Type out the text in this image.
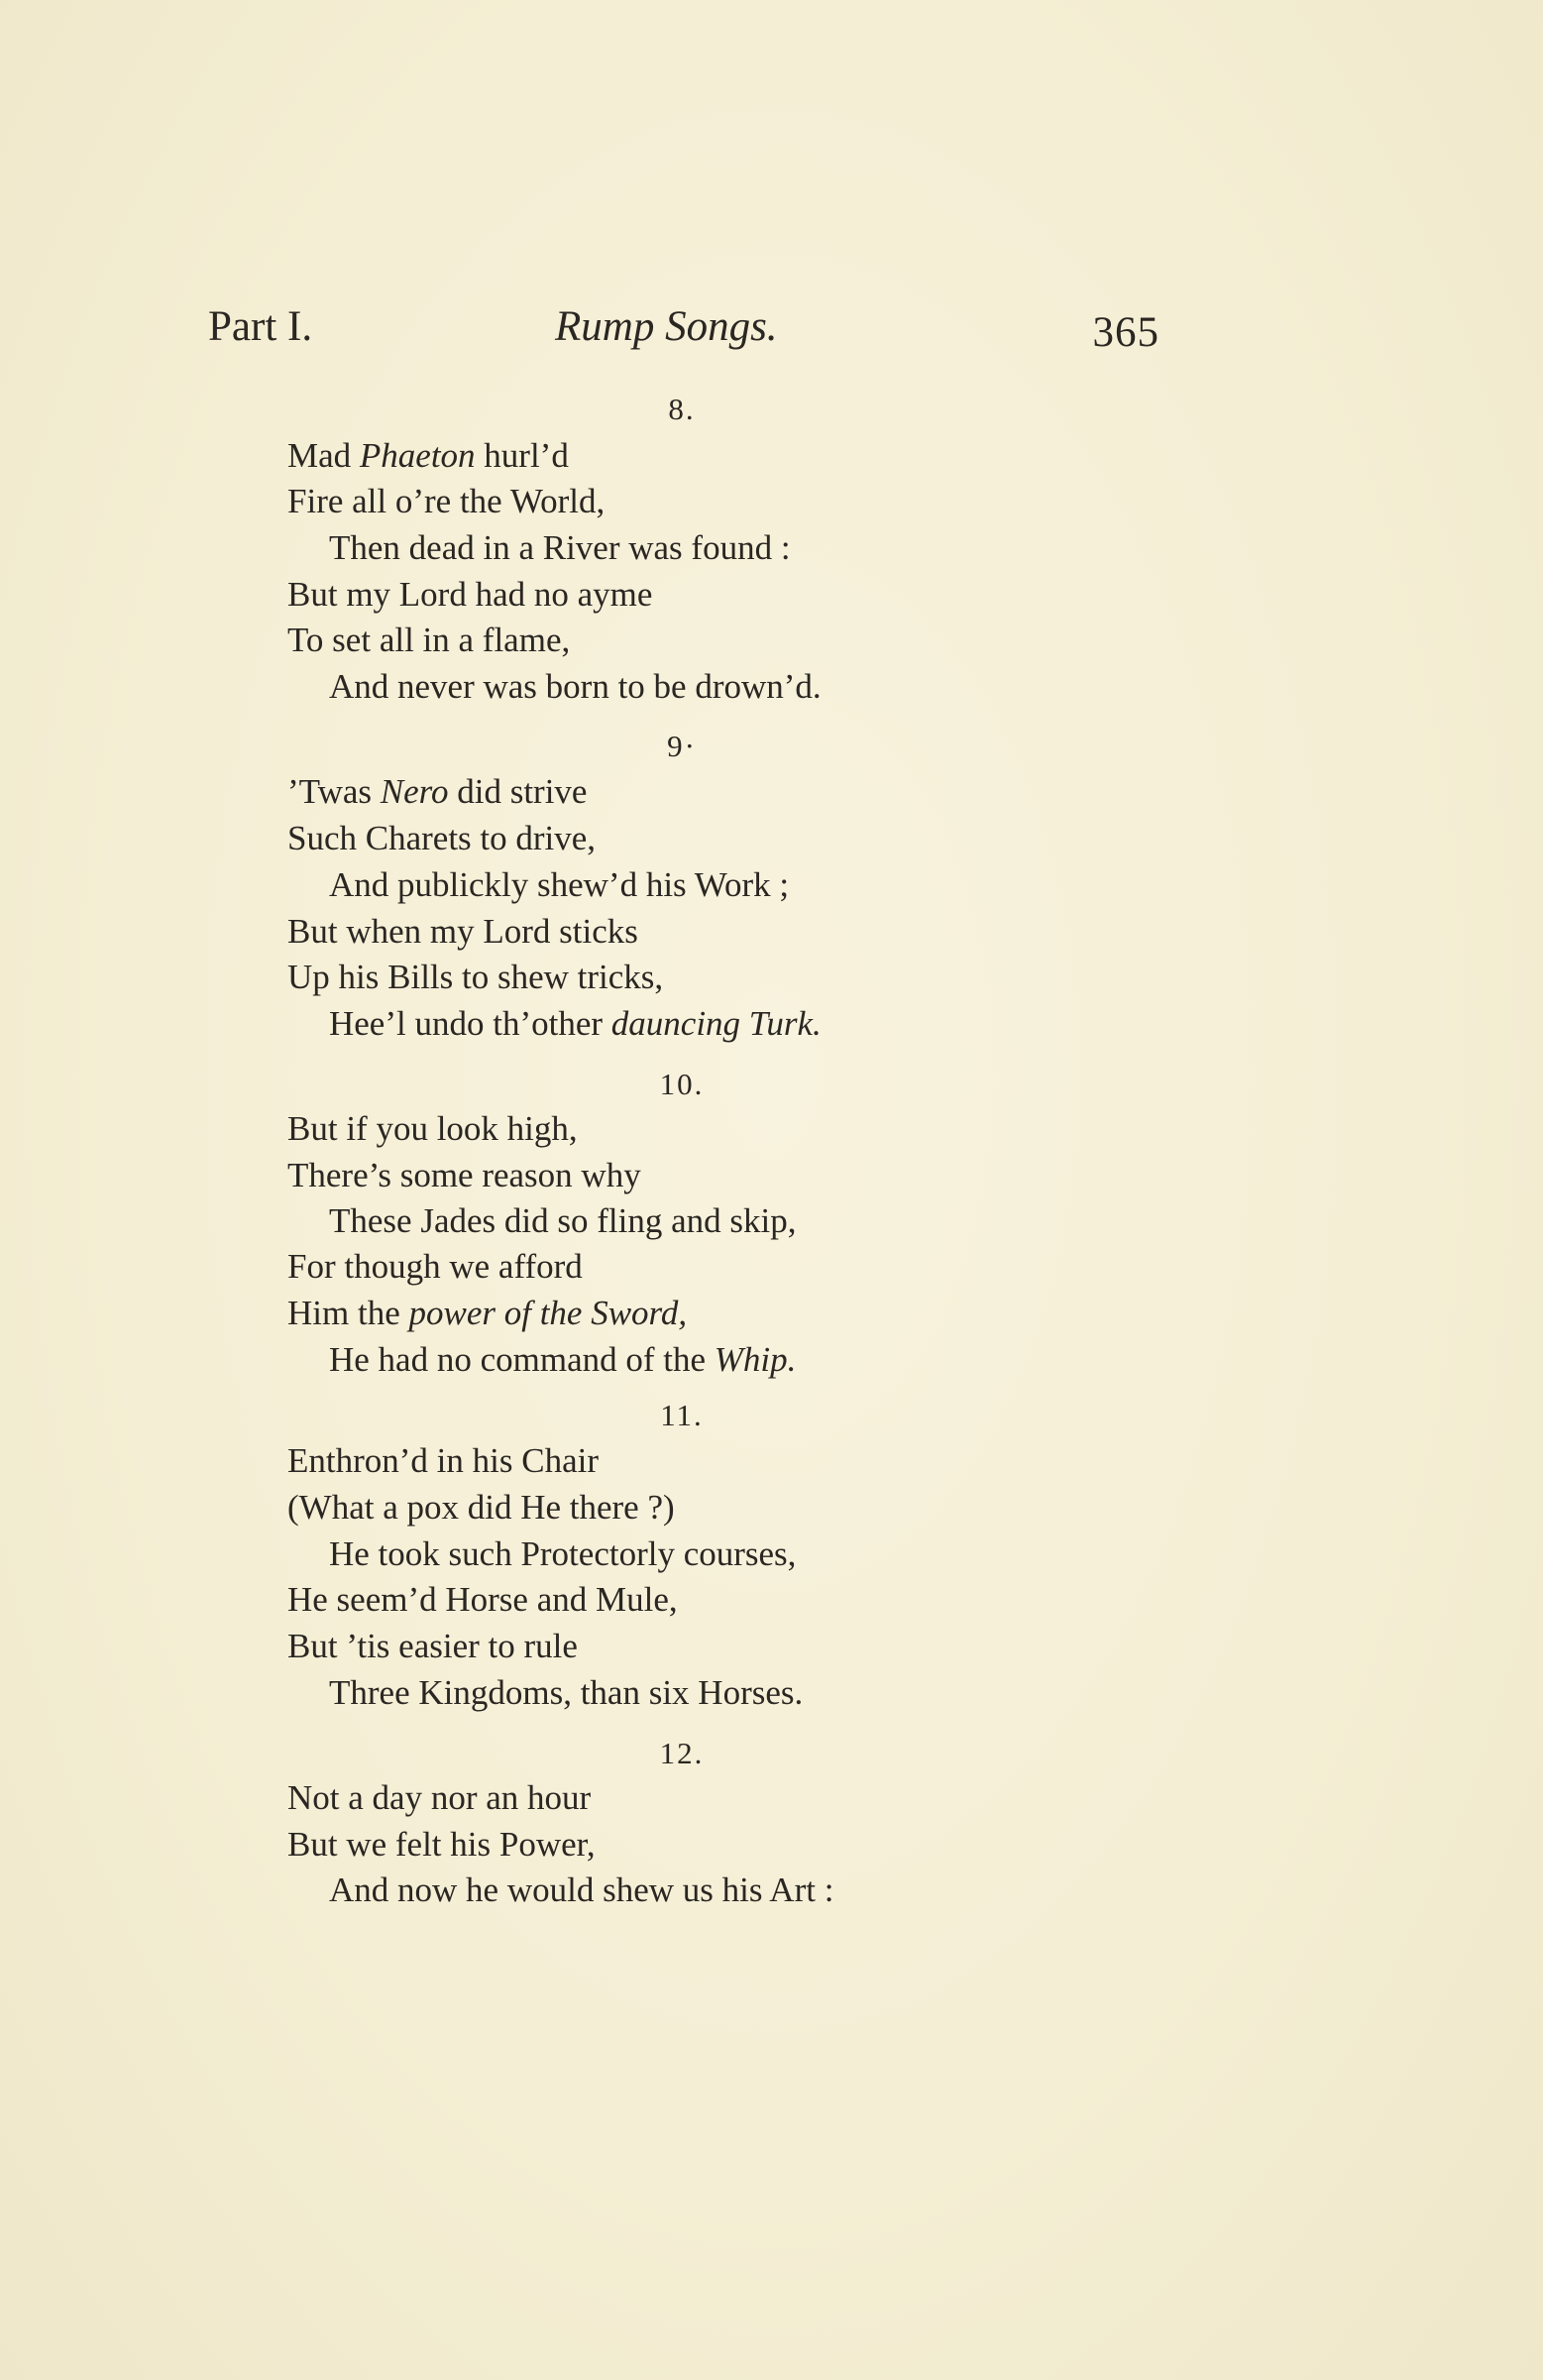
Part I.	Rump Songs.	365
8.
Mad Phaeton hurl’d
Fire all o’re the World,
Then dead in a River was found :
But my Lord had no ayme
To set all in a flame,
And never was born to be drown’d.
9·
’Twas Nero did strive
Such Charets to drive,
And publickly shew’d his Work ;
But when my Lord sticks
Up his Bills to shew tricks,
Hee’l undo th’other dauncing Turk.
10.
But if you look high,
There’s some reason why
These Jades did so fling and skip,
For though we afford
Him the power of the Sword,
He had no command of the Whip.
11.
Enthron’d in his Chair
(What a pox did He there ?)
He took such Protectorly courses,
He seem’d Horse and Mule,
But ’tis easier to rule
Three Kingdoms, than six Horses.
12.
Not a day nor an hour
But we felt his Power,
And now he would shew us his Art :
